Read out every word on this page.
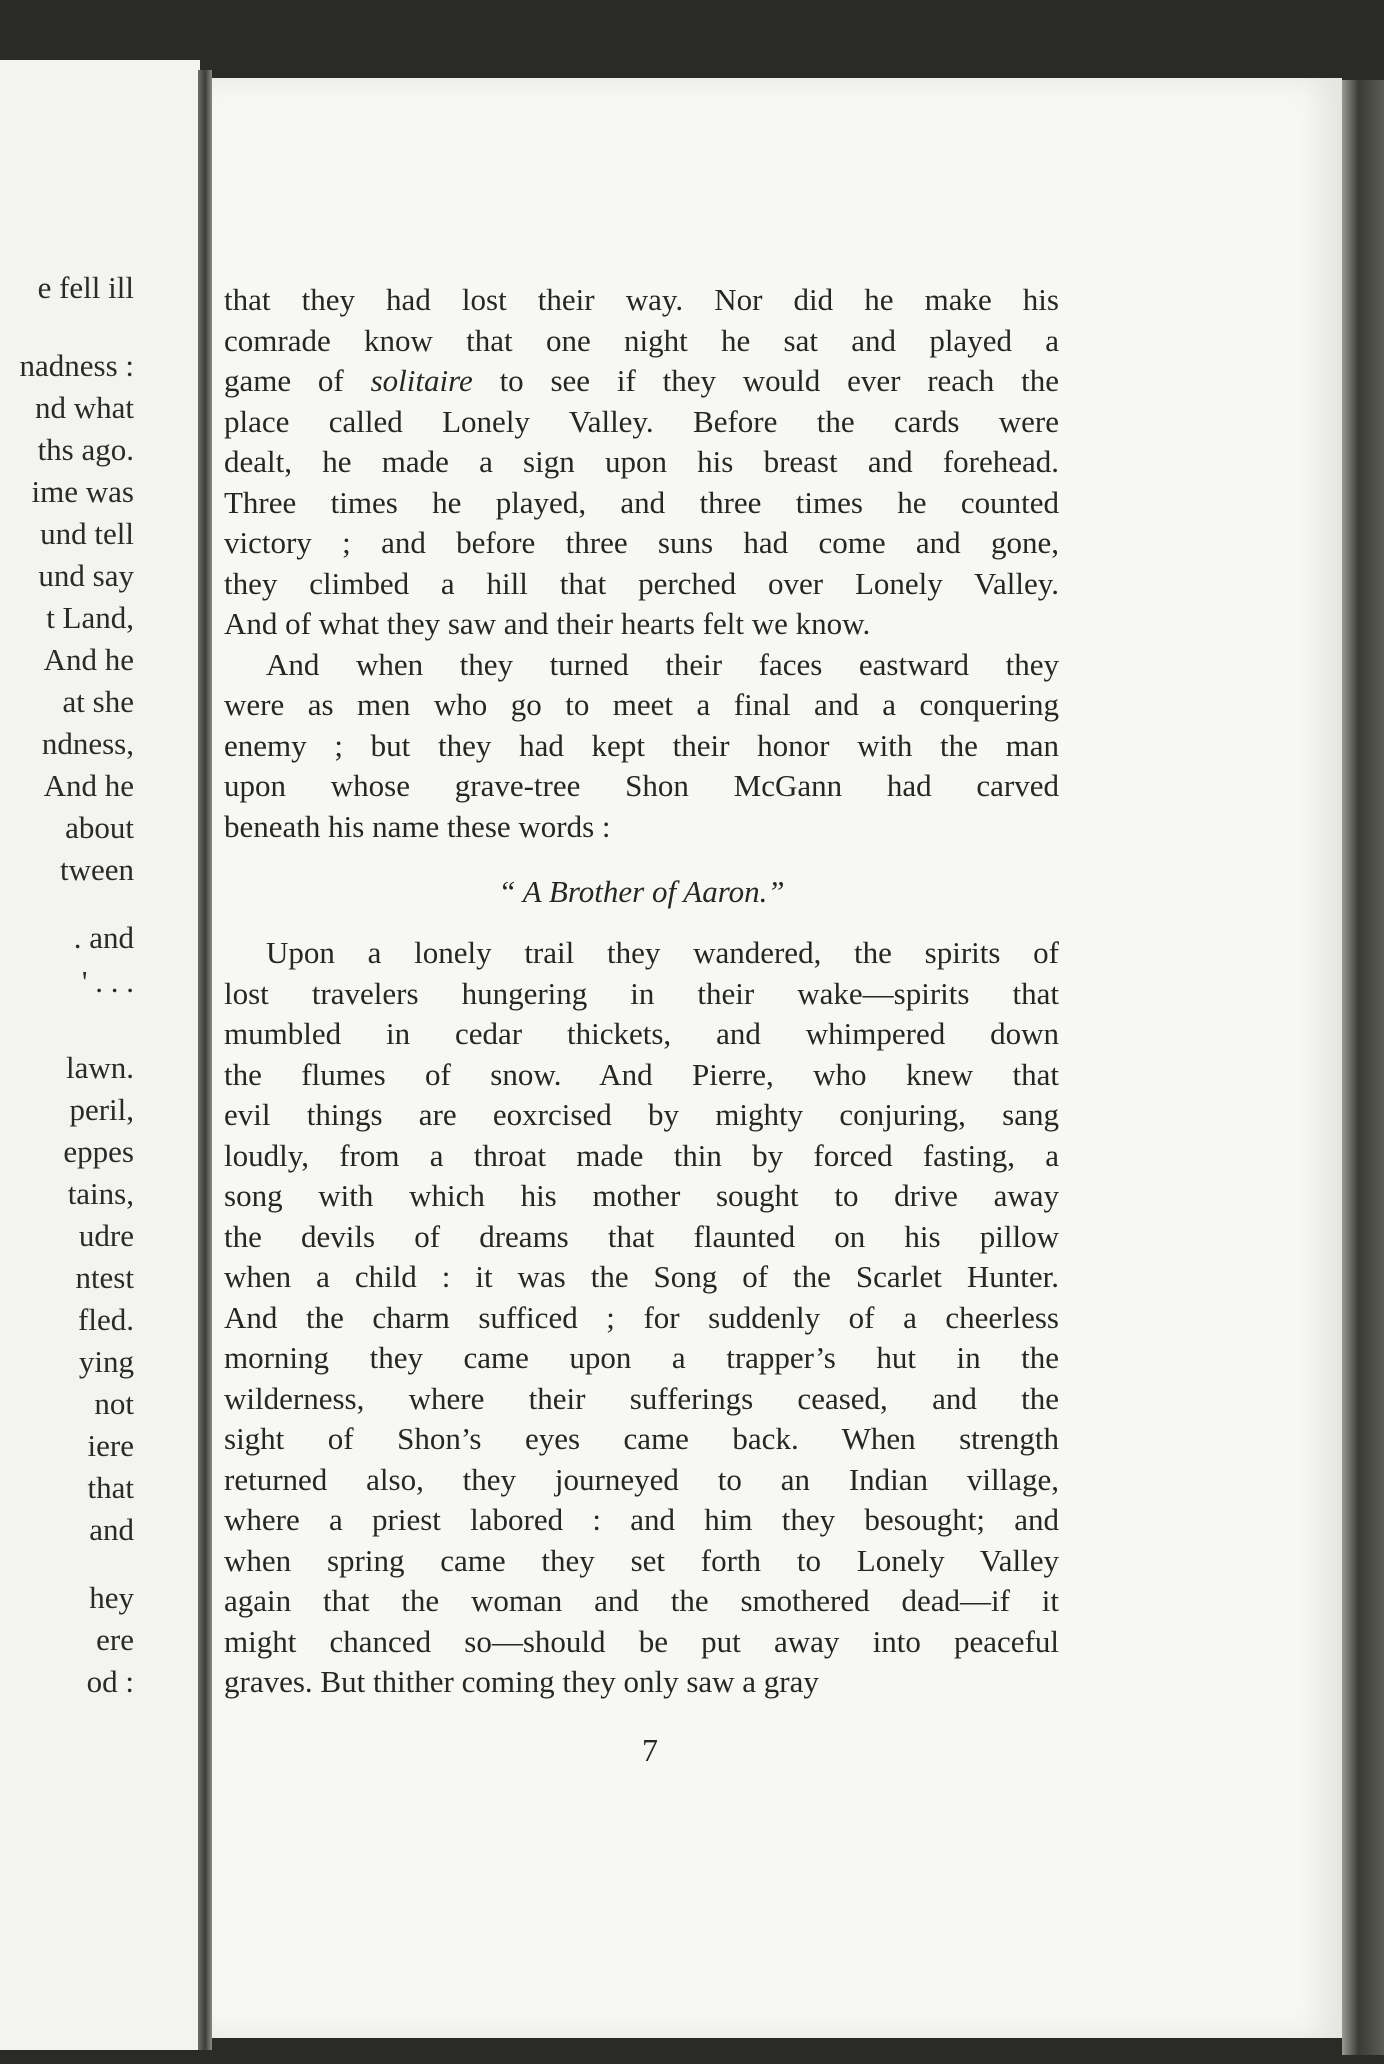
e fell ill
nadness :
nd what
ths ago.
ime was
und tell
und say
t Land,
And he
at she
ndness,
And he
about
tween
. and
' . . .
lawn.
peril,
eppes
tains,
udre
ntest
fled.
ying
not
iere
that
and
hey
ere
od :
that they had lost their way. Nor did he make his
comrade know that one night he sat and played a
game of solitaire to see if they would ever reach the
place called Lonely Valley. Before the cards were
dealt, he made a sign upon his breast and forehead.
Three times he played, and three times he counted
victory ; and before three suns had come and gone,
they climbed a hill that perched over Lonely Valley.
And of what they saw and their hearts felt we know.
And when they turned their faces eastward they
were as men who go to meet a final and a conquering
enemy ; but they had kept their honor with the man
upon whose grave-tree Shon McGann had carved
beneath his name these words :
“ A Brother of Aaron.”
Upon a lonely trail they wandered, the spirits of
lost travelers hungering in their wake—spirits that
mumbled in cedar thickets, and whimpered down
the flumes of snow. And Pierre, who knew that
evil things are eoxrcised by mighty conjuring, sang
loudly, from a throat made thin by forced fasting, a
song with which his mother sought to drive away
the devils of dreams that flaunted on his pillow
when a child : it was the Song of the Scarlet Hunter.
And the charm sufficed ; for suddenly of a cheerless
morning they came upon a trapper’s hut in the
wilderness, where their sufferings ceased, and the
sight of Shon’s eyes came back. When strength
returned also, they journeyed to an Indian village,
where a priest labored : and him they besought; and
when spring came they set forth to Lonely Valley
again that the woman and the smothered dead—if it
might chanced so—should be put away into peaceful
graves. But thither coming they only saw a gray
7
